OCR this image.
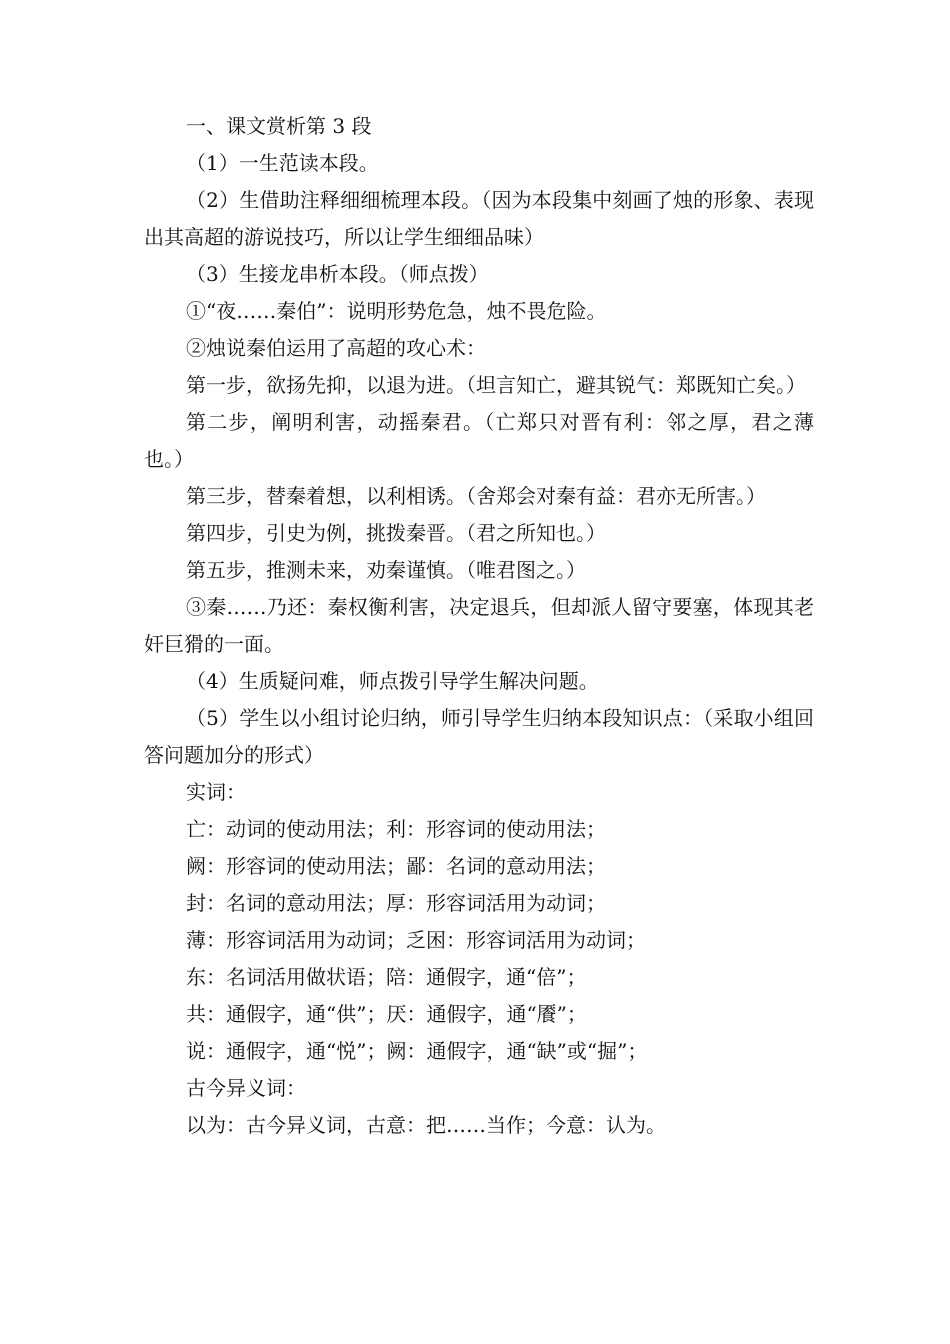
一、课文赏析第 3 段

（1）一生范读本段。

（2）生借助注释细细梳理本段。（因为本段集中刻画了烛的形象、表现出其高超的游说技巧，所以让学生细细品味）

（3）生接龙串析本段。（师点拨）

①“夜……秦伯”：说明形势危急，烛不畏危险。

②烛说秦伯运用了高超的攻心术：

第一步，欲扬先抑，以退为进。（坦言知亡，避其锐气：郑既知亡矣。）

第二步，阐明利害，动摇秦君。（亡郑只对晋有利：邻之厚，君之薄也。）

第三步，替秦着想，以利相诱。（舍郑会对秦有益：君亦无所害。）

第四步，引史为例，挑拨秦晋。（君之所知也。）

第五步，推测未来，劝秦谨慎。（唯君图之。）

③秦……乃还：秦权衡利害，决定退兵，但却派人留守要塞，体现其老奸巨猾的一面。

（4）生质疑问难，师点拨引导学生解决问题。

（5）学生以小组讨论归纳，师引导学生归纳本段知识点：（采取小组回答问题加分的形式）

实词：

亡：动词的使动用法；利：形容词的使动用法；

阙：形容词的使动用法；鄙：名词的意动用法；

封：名词的意动用法；厚：形容词活用为动词；

薄：形容词活用为动词；乏困：形容词活用为动词；

东：名词活用做状语；陪：通假字，通“倍”；

共：通假字，通“供”；厌：通假字，通“餍”；

说：通假字，通“悦”；阙：通假字，通“缺”或“掘”；

古今异义词：

以为：古今异义词，古意：把……当作；今意：认为。
